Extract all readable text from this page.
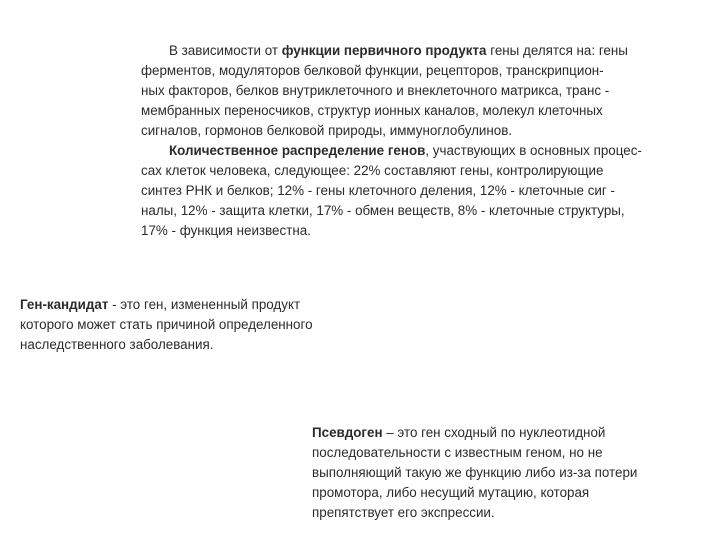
В зависимости от функции первичного продукта гены делятся на: гены
ферментов, модуляторов белковой функции, рецепторов, транскрипцион-
ных факторов, белков внутриклеточного и внеклеточного матрикса, транс -
мембранных переносчиков, структур ионных каналов, молекул клеточных
сигналов, гормонов белковой природы, иммуноглобулинов.
Количественное распределение генов, участвующих в основных процес-
сах клеток человека, следующее: 22% составляют гены, контролирующие
синтез РНК и белков; 12% - гены клеточного деления, 12% - клеточные сиг -
налы, 12% - защита клетки, 17% - обмен веществ, 8% - клеточные структуры,
17% - функция неизвестна.
Ген-кандидат - это ген, измененный продукт
которого может стать причиной определенного
наследственного заболевания.
Псевдоген – это ген сходный по нуклеотидной
последовательности с известным геном, но не
выполняющий такую же функцию либо из-за потери
промотора, либо несущий мутацию, которая
препятствует его экспрессии.
